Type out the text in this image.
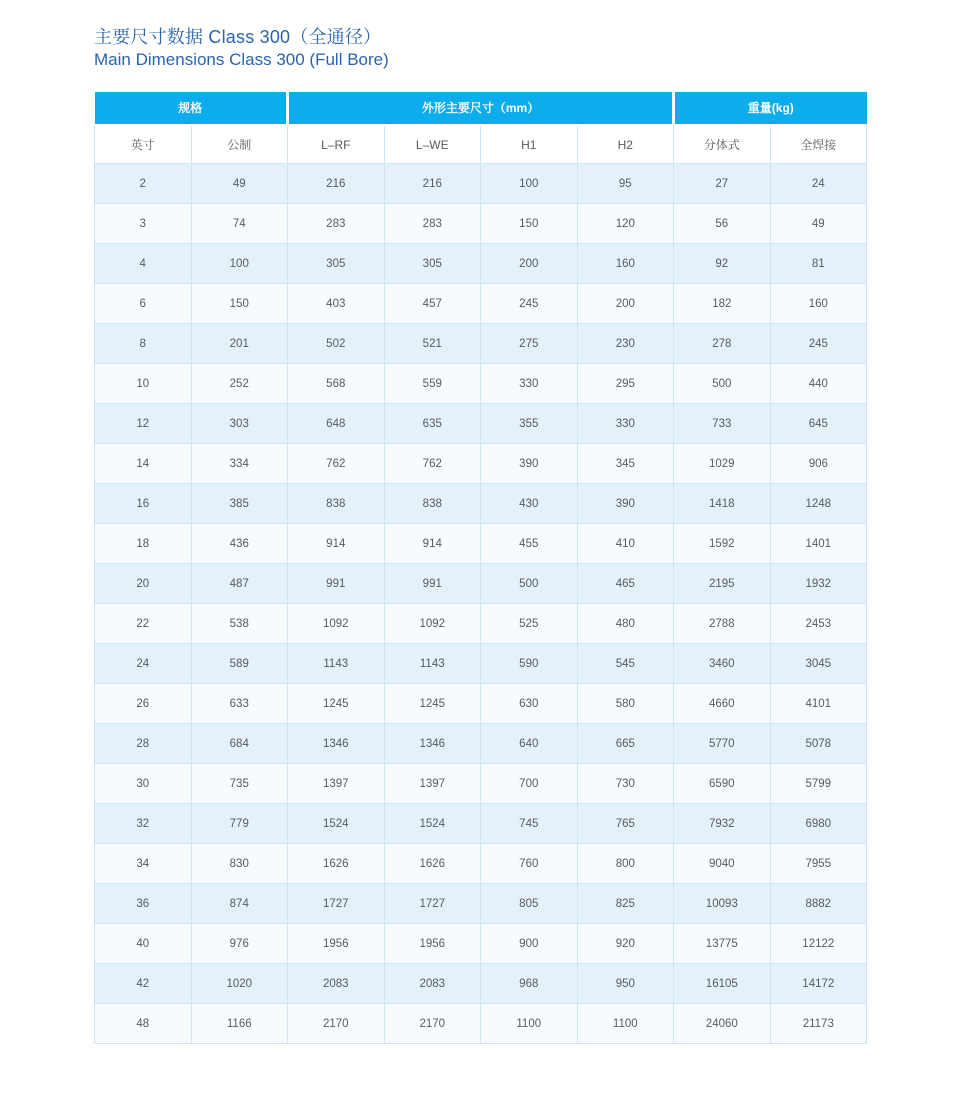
主要尺寸数据 Class 300（全通径）
Main Dimensions Class 300 (Full Bore)
规格		外形主要尺寸（mm）				重量(kg)	
英寸	公制	L–RF	L–WE	H1	H2	分体式	全焊接
2	49	216	216	100	95	27	24
3	74	283	283	150	120	56	49
4	100	305	305	200	160	92	81
6	150	403	457	245	200	182	160
8	201	502	521	275	230	278	245
10	252	568	559	330	295	500	440
12	303	648	635	355	330	733	645
14	334	762	762	390	345	1029	906
16	385	838	838	430	390	1418	1248
18	436	914	914	455	410	1592	1401
20	487	991	991	500	465	2195	1932
22	538	1092	1092	525	480	2788	2453
24	589	1143	1143	590	545	3460	3045
26	633	1245	1245	630	580	4660	4101
28	684	1346	1346	640	665	5770	5078
30	735	1397	1397	700	730	6590	5799
32	779	1524	1524	745	765	7932	6980
34	830	1626	1626	760	800	9040	7955
36	874	1727	1727	805	825	10093	8882
40	976	1956	1956	900	920	13775	12122
42	1020	2083	2083	968	950	16105	14172
48	1166	2170	2170	1100	1100	24060	21173
